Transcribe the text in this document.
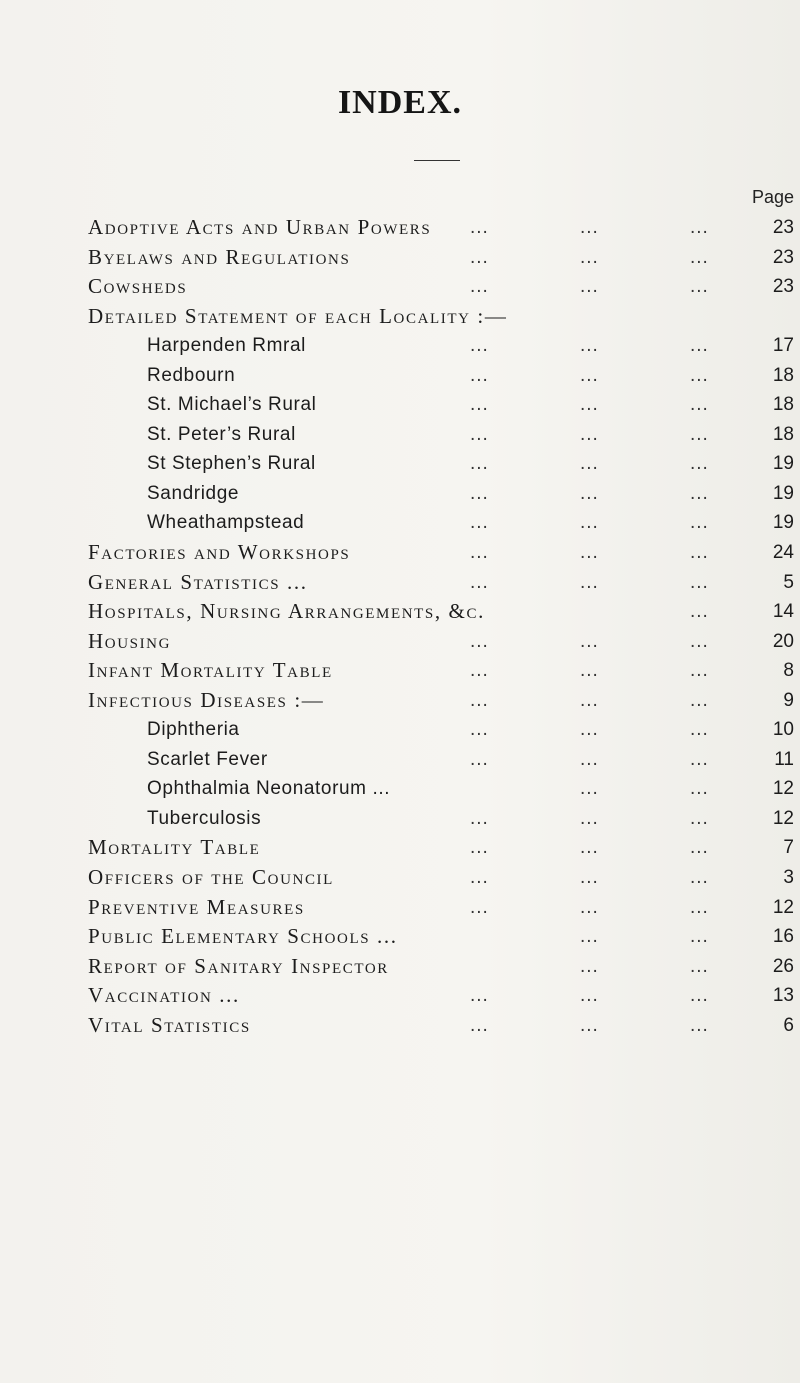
INDEX.
Page
Adoptive Acts and Urban Powers ...	...	...	23
Byelaws and Regulations	...	...	...	23
Cowsheds	...	...	...	23
Detailed Statement of each Locality :—
Harpenden Rmral	...	...	...	17
Redbourn	...	...	...	18
St. Michael’s Rural	...	...	...	18
St. Peter’s Rural	...	...	...	18
St Stephen’s Rural	...	...	...	19
Sandridge	...	...	...	19
Wheathampstead	...	...	...	19
Factories and Workshops	...	...	...	24
General Statistics ...	...	...	...	5
Hospitals, Nursing Arrangements, &c.	...	14
Housing	...	...	...	20
Infant Mortality Table	...	...	...	8
Infectious Diseases :—	...	...	...	9
Diphtheria	...	...	...	10
Scarlet Fever	...	...	...	11
Ophthalmia Neonatorum ...	...	...	12
Tuberculosis	...	...	...	12
Mortality Table	...	...	...	7
Officers of the Council	...	...	...	3
Preventive Measures	...	...	...	12
Public Elementary Schools ...	...	...	16
Report of Sanitary Inspector	...	...	26
Vaccination ...	...	...	...	13
Vital Statistics	...	...	...	6
